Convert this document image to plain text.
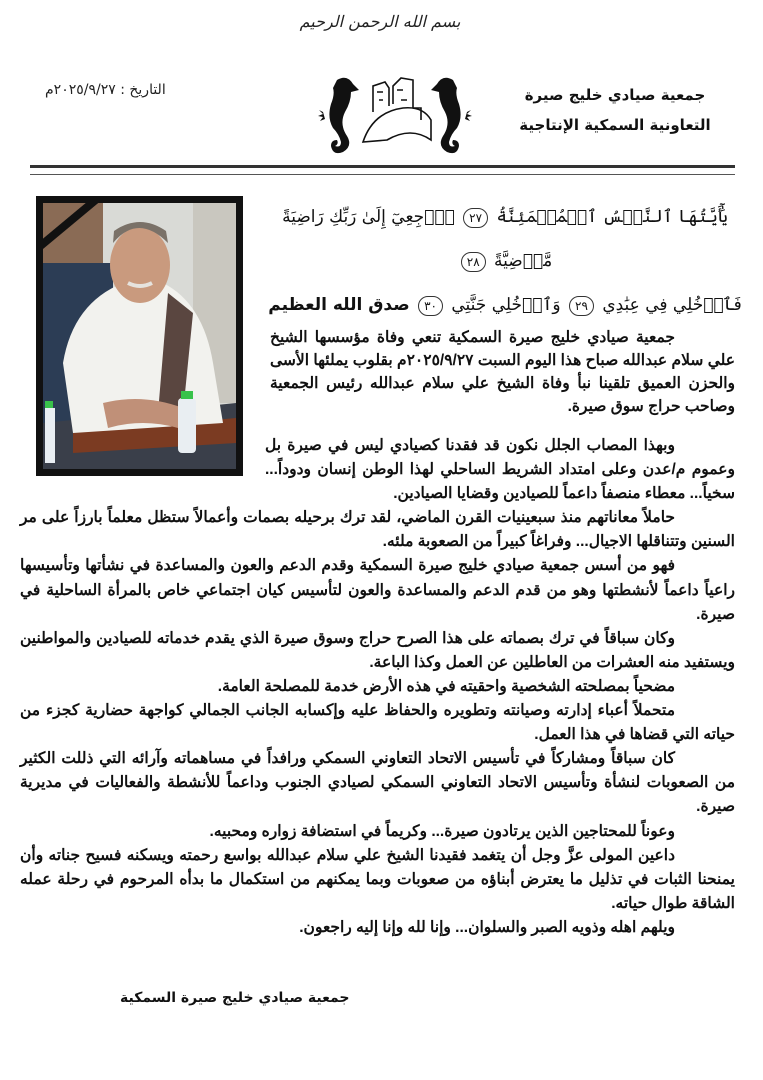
بسم الله الرحمن الرحيم
جمعية صيادي خليج صيرة
التعاونية السمكية الإنتاجية
التاريخ : ٢٠٢٥/٩/٢٧م
يَٰٓأَيَّتُهَا ٱلنَّفۡسُ ٱلۡمُطۡمَئِنَّةُ ٢٧ ٱرۡجِعِيٓ إِلَىٰ رَبِّكِ رَاضِيَةً مَّرۡضِيَّةً ٢٨
فَٱدۡخُلِي فِي عِبَٰدِي ٢٩ وَٱدۡخُلِي جَنَّتِي ٣٠ صدق الله العظيم

جمعية صيادي خليج صيرة السمكية تنعي وفاة مؤسسها الشيخ علي سلام عبدالله صباح هذا اليوم السبت ٢٠٢٥/٩/٢٧م بقلوب يملئها الأسى والحزن العميق تلقينا نبأ وفاة الشيخ علي سلام عبدالله رئيس الجمعية وصاحب حراج سوق صيرة.

وبهذا المصاب الجلل نكون قد فقدنا كصيادي ليس في صيرة بل وعموم م/عدن وعلى امتداد الشريط الساحلي لهذا الوطن إنسان ودوداً... سخياً... معطاء منصفاً داعماً للصيادين وقضايا الصيادين.

حاملاً معاناتهم منذ سبعينيات القرن الماضي، لقد ترك برحيله بصمات وأعمالاً ستظل معلماً بارزاً على مر السنين وتتناقلها الاجيال... وفراغاً كبيراً من الصعوبة ملئه.

فهو من أسس جمعية صيادي خليج صيرة السمكية وقدم الدعم والعون والمساعدة في نشأتها وتأسيسها راعياً داعماً لأنشطتها وهو من قدم الدعم والمساعدة والعون لتأسيس كيان اجتماعي خاص بالمرأة الساحلية في صيرة.

وكان سباقاً في ترك بصماته على هذا الصرح حراج وسوق صيرة الذي يقدم خدماته للصيادين والمواطنين ويستفيد منه العشرات من العاطلين عن العمل وكذا الباعة.

مضحياً بمصلحته الشخصية واحقيته في هذه الأرض خدمة للمصلحة العامة.

متحملاً أعباء إدارته وصيانته وتطويره والحفاظ عليه وإكسابه الجانب الجمالي كواجهة حضارية كجزء من حياته التي قضاها في هذا العمل.

كان سباقاً ومشاركاً في تأسيس الاتحاد التعاوني السمكي ورافداً في مساهماته وآرائه التي ذللت الكثير من الصعوبات لنشأة وتأسيس الاتحاد التعاوني السمكي لصيادي الجنوب وداعماً للأنشطة والفعاليات في مديرية صيرة.

وعوناً للمحتاجين الذين يرتادون صيرة... وكريماً في استضافة زواره ومحبيه.

داعين المولى عزَّ وجل أن يتغمد فقيدنا الشيخ علي سلام عبدالله بواسع رحمته ويسكنه فسيح جناته وأن يمنحنا الثبات في تذليل ما يعترض أبناؤه من صعوبات وبما يمكنهم من استكمال ما بدأه المرحوم في رحلة عمله الشاقة طوال حياته.

ويلهم اهله وذويه الصبر والسلوان... وإنا لله وإنا إليه راجعون.

جمعية صيادي خليج صيرة السمكية
